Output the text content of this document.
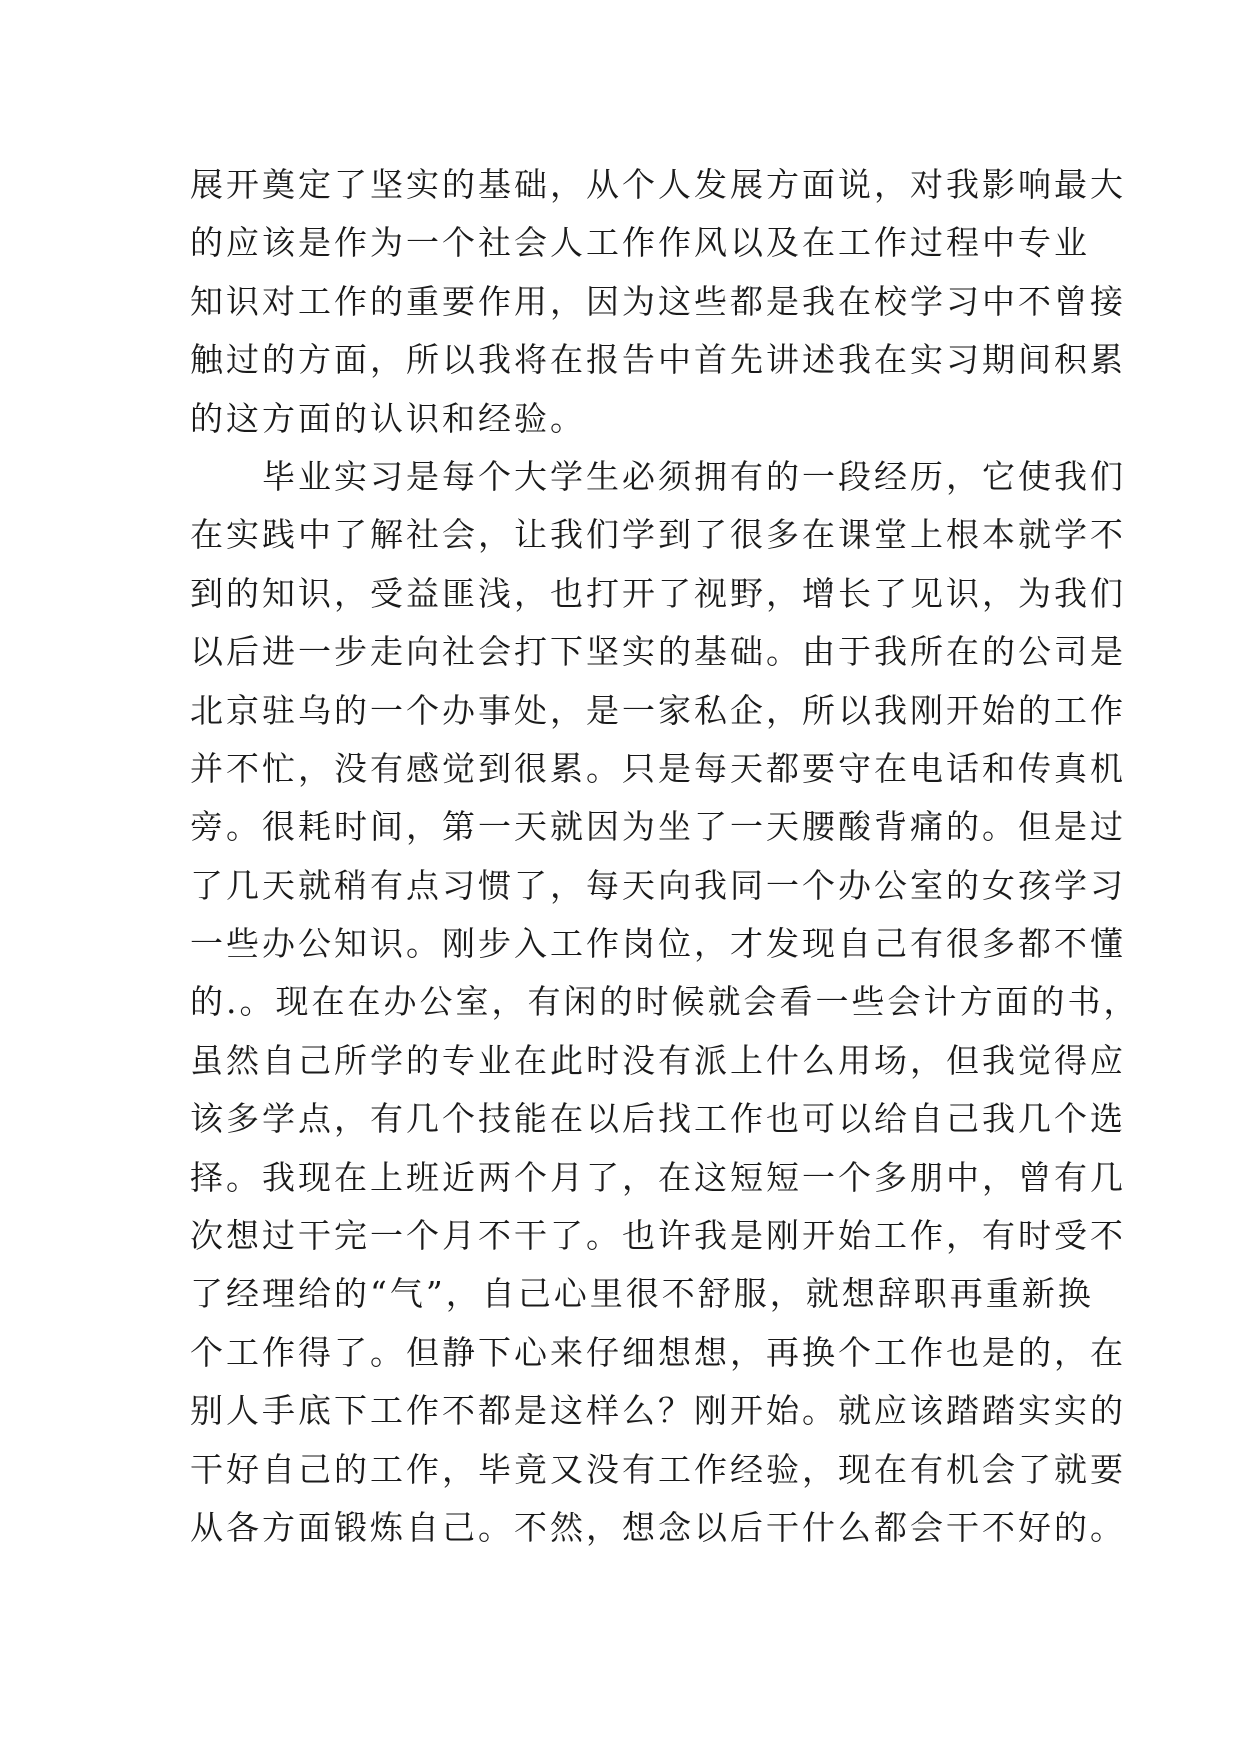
展开奠定了坚实的基础，从个人发展方面说，对我影响最大
的应该是作为一个社会人工作作风以及在工作过程中专业
知识对工作的重要作用，因为这些都是我在校学习中不曾接
触过的方面，所以我将在报告中首先讲述我在实习期间积累
的这方面的认识和经验。
毕业实习是每个大学生必须拥有的一段经历，它使我们
在实践中了解社会，让我们学到了很多在课堂上根本就学不
到的知识，受益匪浅，也打开了视野，增长了见识，为我们
以后进一步走向社会打下坚实的基础。由于我所在的公司是
北京驻乌的一个办事处，是一家私企，所以我刚开始的工作
并不忙，没有感觉到很累。只是每天都要守在电话和传真机
旁。很耗时间，第一天就因为坐了一天腰酸背痛的。但是过
了几天就稍有点习惯了，每天向我同一个办公室的女孩学习
一些办公知识。刚步入工作岗位，才发现自己有很多都不懂
的.。现在在办公室，有闲的时候就会看一些会计方面的书，
虽然自己所学的专业在此时没有派上什么用场，但我觉得应
该多学点，有几个技能在以后找工作也可以给自己我几个选
择。我现在上班近两个月了，在这短短一个多朋中，曾有几
次想过干完一个月不干了。也许我是刚开始工作，有时受不
了经理给的“气”，自己心里很不舒服，就想辞职再重新换
个工作得了。但静下心来仔细想想，再换个工作也是的，在
别人手底下工作不都是这样么？刚开始。就应该踏踏实实的
干好自己的工作，毕竟又没有工作经验，现在有机会了就要
从各方面锻炼自己。不然，想念以后干什么都会干不好的。
